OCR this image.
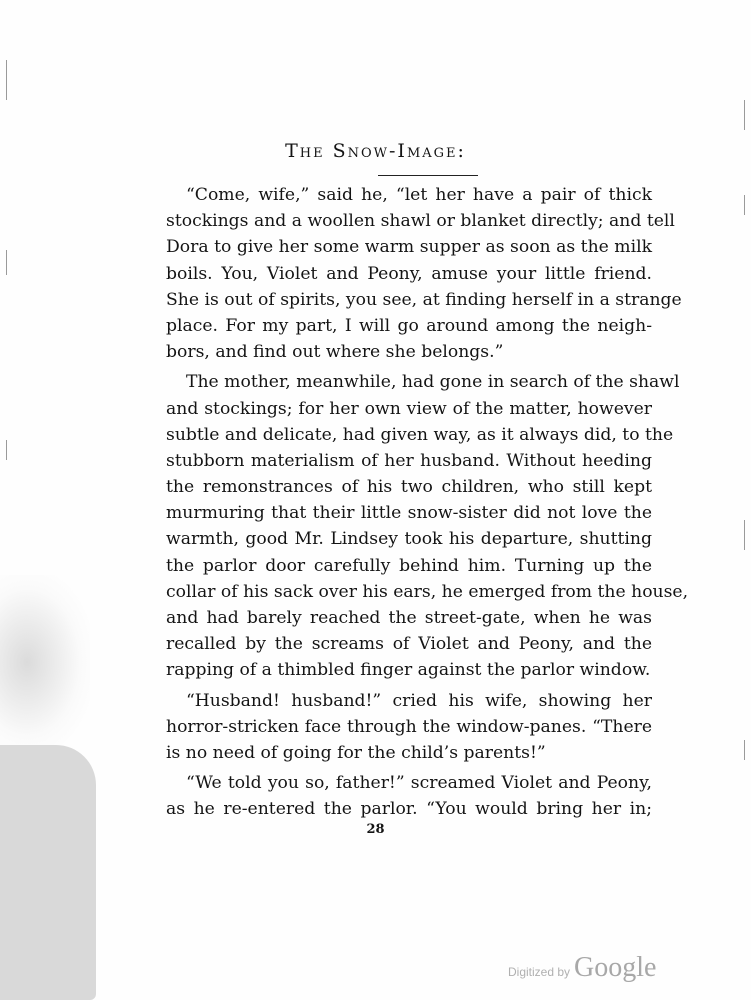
The Snow-Image:
“Come, wife,” said he, “let her have a pair of thick
stockings and a woollen shawl or blanket directly; and tell
Dora to give her some warm supper as soon as the milk
boils. You, Violet and Peony, amuse your little friend.
She is out of spirits, you see, at finding herself in a strange
place. For my part, I will go around among the neigh-
bors, and find out where she belongs.”
The mother, meanwhile, had gone in search of the shawl
and stockings; for her own view of the matter, however
subtle and delicate, had given way, as it always did, to the
stubborn materialism of her husband. Without heeding
the remonstrances of his two children, who still kept
murmuring that their little snow-sister did not love the
warmth, good Mr. Lindsey took his departure, shutting
the parlor door carefully behind him. Turning up the
collar of his sack over his ears, he emerged from the house,
and had barely reached the street-gate, when he was
recalled by the screams of Violet and Peony, and the
rapping of a thimbled finger against the parlor window.
“Husband! husband!” cried his wife, showing her
horror-stricken face through the window-panes. “There
is no need of going for the child’s parents!”
“We told you so, father!” screamed Violet and Peony,
as he re-entered the parlor. “You would bring her in;
28
Digitized by Google
